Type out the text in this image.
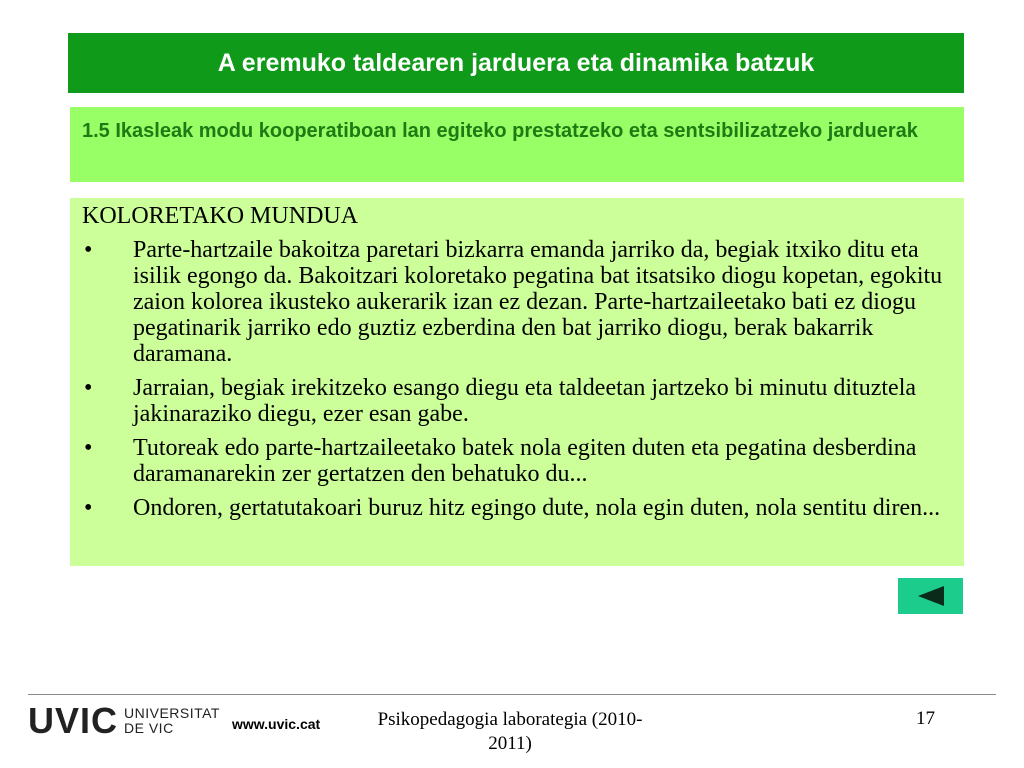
A eremuko taldearen jarduera eta dinamika batzuk
1.5 Ikasleak modu kooperatiboan lan egiteko prestatzeko eta sentsibilizatzeko jarduerak
KOLORETAKO MUNDUA
• Parte-hartzaile bakoitza paretari bizkarra emanda jarriko da, begiak itxiko ditu eta isilik egongo da. Bakoitzari koloretako pegatina bat itsatsiko diogu kopetan, egokitu zaion kolorea ikusteko aukerarik izan ez dezan. Parte-hartzaileetako bati ez diogu pegatinarik jarriko edo guztiz ezberdina den bat jarriko diogu, berak bakarrik daramana.
• Jarraian, begiak irekitzeko esango diegu eta taldeetan jartzeko bi minutu dituztela jakinaraziko diegu, ezer esan gabe.
• Tutoreak edo parte-hartzaileetako batek nola egiten duten eta pegatina desberdina daramanarekin zer gertatzen den behatuko du...
• Ondoren, gertatutakoari buruz hitz egingo dute, nola egin duten, nola sentitu diren...
UVIC UNIVERSITAT
DE VIC	www.uvic.cat	Psikopedagogia laborategia (2010-2011)
17
